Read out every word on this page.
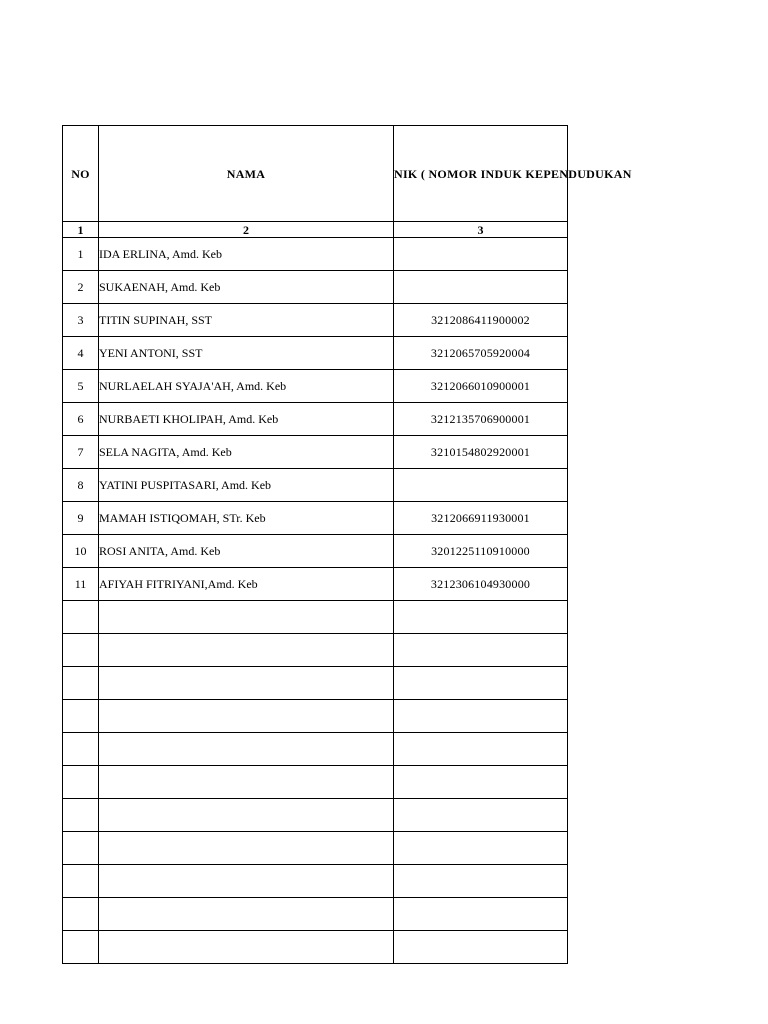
NO	NAMA	NIK ( NOMOR INDUK KEPENDUDUKAN
1	2	3
1	IDA ERLINA, Amd. Keb	
2	SUKAENAH, Amd. Keb	
3	TITIN SUPINAH, SST	3212086411900002
4	YENI ANTONI, SST	3212065705920004
5	NURLAELAH SYAJA'AH, Amd. Keb	3212066010900001
6	NURBAETI KHOLIPAH, Amd. Keb	3212135706900001
7	SELA NAGITA, Amd. Keb	3210154802920001
8	YATINI PUSPITASARI, Amd. Keb	
9	MAMAH ISTIQOMAH, STr. Keb	3212066911930001
10	ROSI ANITA, Amd. Keb	3201225110910000
11	AFIYAH FITRIYANI,Amd. Keb	3212306104930000
